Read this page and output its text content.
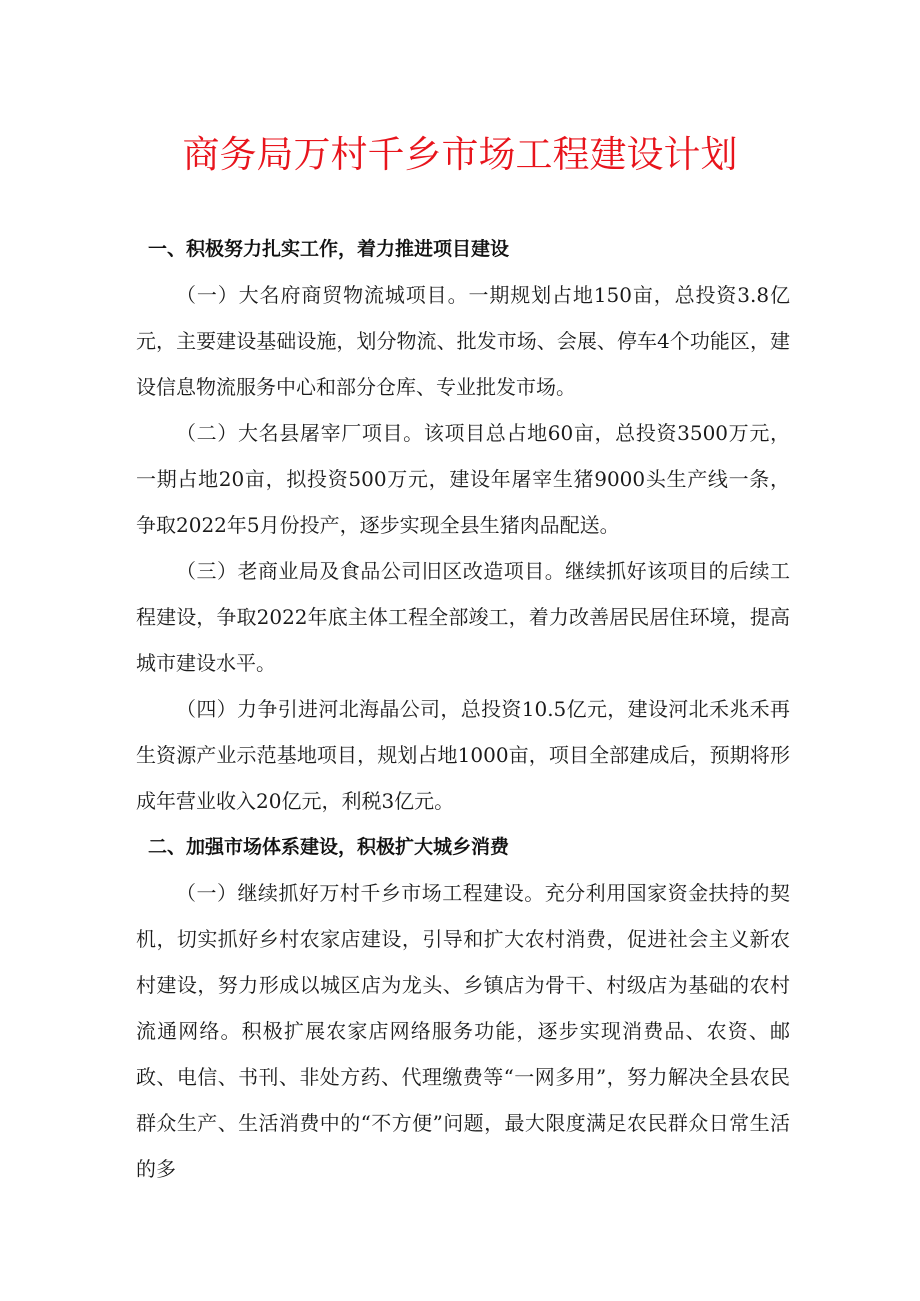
商务局万村千乡市场工程建设计划
一、积极努力扎实工作，着力推进项目建设

（一）大名府商贸物流城项目。一期规划占地150亩，总投资3.8亿元，主要建设基础设施，划分物流、批发市场、会展、停车4个功能区，建设信息物流服务中心和部分仓库、专业批发市场。

（二）大名县屠宰厂项目。该项目总占地60亩，总投资3500万元，一期占地20亩，拟投资500万元，建设年屠宰生猪9000头生产线一条，争取2022年5月份投产，逐步实现全县生猪肉品配送。

（三）老商业局及食品公司旧区改造项目。继续抓好该项目的后续工程建设，争取2022年底主体工程全部竣工，着力改善居民居住环境，提高城市建设水平。

（四）力争引进河北海晶公司，总投资10.5亿元，建设河北禾兆禾再生资源产业示范基地项目，规划占地1000亩，项目全部建成后，预期将形成年营业收入20亿元，利税3亿元。

二、加强市场体系建设，积极扩大城乡消费

（一）继续抓好万村千乡市场工程建设。充分利用国家资金扶持的契机，切实抓好乡村农家店建设，引导和扩大农村消费，促进社会主义新农村建设，努力形成以城区店为龙头、乡镇店为骨干、村级店为基础的农村流通网络。积极扩展农家店网络服务功能，逐步实现消费品、农资、邮政、电信、书刊、非处方药、代理缴费等“一网多用”，努力解决全县农民群众生产、生活消费中的“不方便”问题，最大限度满足农民群众日常生活的多
